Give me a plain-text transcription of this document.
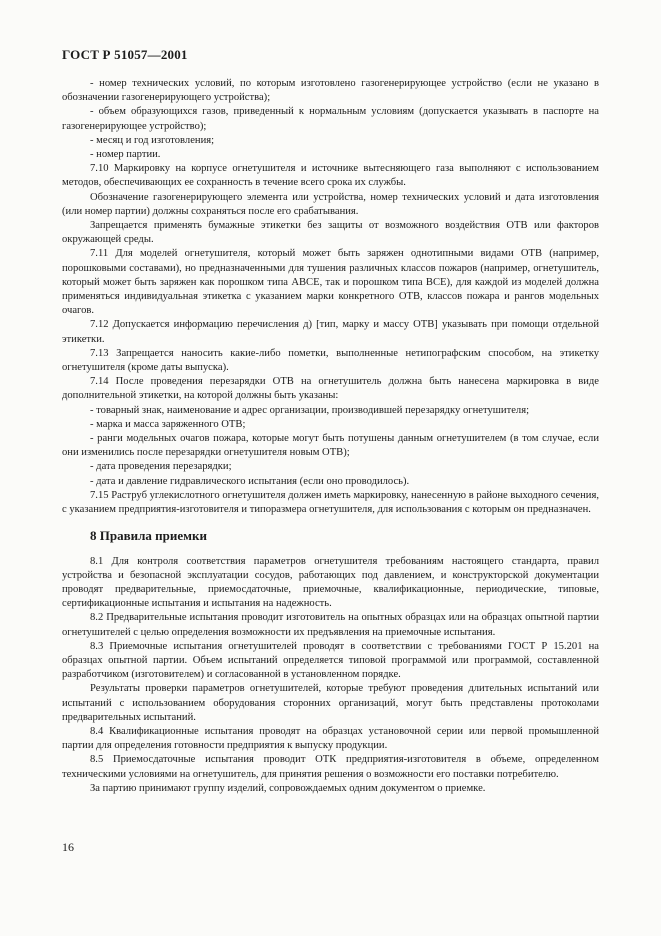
ГОСТ Р 51057—2001

- номер технических условий, по которым изготовлено газогенерирующее устройство (если не указано в обозначении газогенерирующего устройства);

- объем образующихся газов, приведенный к нормальным условиям (допускается указывать в паспорте на газогенерирующее устройство);

- месяц и год изготовления;

- номер партии.

7.10 Маркировку на корпусе огнетушителя и источнике вытесняющего газа выполняют с использованием методов, обеспечивающих ее сохранность в течение всего срока их службы.

Обозначение газогенерирующего элемента или устройства, номер технических условий и дата изготовления (или номер партии) должны сохраняться после его срабатывания.

Запрещается применять бумажные этикетки без защиты от возможного воздействия ОТВ или факторов окружающей среды.

7.11 Для моделей огнетушителя, который может быть заряжен однотипными видами ОТВ (например, порошковыми составами), но предназначенными для тушения различных классов пожаров (например, огнетушитель, который может быть заряжен как порошком типа АВСЕ, так и порошком типа ВСЕ), для каждой из моделей должна применяться индивидуальная этикетка с указанием марки конкретного ОТВ, классов пожара и рангов модельных очагов.

7.12 Допускается информацию перечисления д) [тип, марку и массу ОТВ] указывать при помощи отдельной этикетки.

7.13 Запрещается наносить какие-либо пометки, выполненные нетипографским способом, на этикетку огнетушителя (кроме даты выпуска).

7.14 После проведения перезарядки ОТВ на огнетушитель должна быть нанесена маркировка в виде дополнительной этикетки, на которой должны быть указаны:

- товарный знак, наименование и адрес организации, производившей перезарядку огнетушителя;

- марка и масса заряженного ОТВ;

- ранги модельных очагов пожара, которые могут быть потушены данным огнетушителем (в том случае, если они изменились после перезарядки огнетушителя новым ОТВ);

- дата проведения перезарядки;

- дата и давление гидравлического испытания (если оно проводилось).

7.15 Раструб углекислотного огнетушителя должен иметь маркировку, нанесенную в районе выходного сечения, с указанием предприятия-изготовителя и типоразмера огнетушителя, для использования с которым он предназначен.

8 Правила приемки

8.1 Для контроля соответствия параметров огнетушителя требованиям настоящего стандарта, правил устройства и безопасной эксплуатации сосудов, работающих под давлением, и конструкторской документации проводят предварительные, приемосдаточные, приемочные, квалификационные, периодические, типовые, сертификационные испытания и испытания на надежность.

8.2 Предварительные испытания проводит изготовитель на опытных образцах или на образцах опытной партии огнетушителей с целью определения возможности их предъявления на приемочные испытания.

8.3 Приемочные испытания огнетушителей проводят в соответствии с требованиями ГОСТ Р 15.201 на образцах опытной партии. Объем испытаний определяется типовой программой или программой, составленной разработчиком (изготовителем) и согласованной в установленном порядке.

Результаты проверки параметров огнетушителей, которые требуют проведения длительных испытаний или испытаний с использованием оборудования сторонних организаций, могут быть представлены протоколами предварительных испытаний.

8.4 Квалификационные испытания проводят на образцах установочной серии или первой промышленной партии для определения готовности предприятия к выпуску продукции.

8.5 Приемосдаточные испытания проводит ОТК предприятия-изготовителя в объеме, определенном техническими условиями на огнетушитель, для принятия решения о возможности его поставки потребителю.

За партию принимают группу изделий, сопровождаемых одним документом о приемке.

16
